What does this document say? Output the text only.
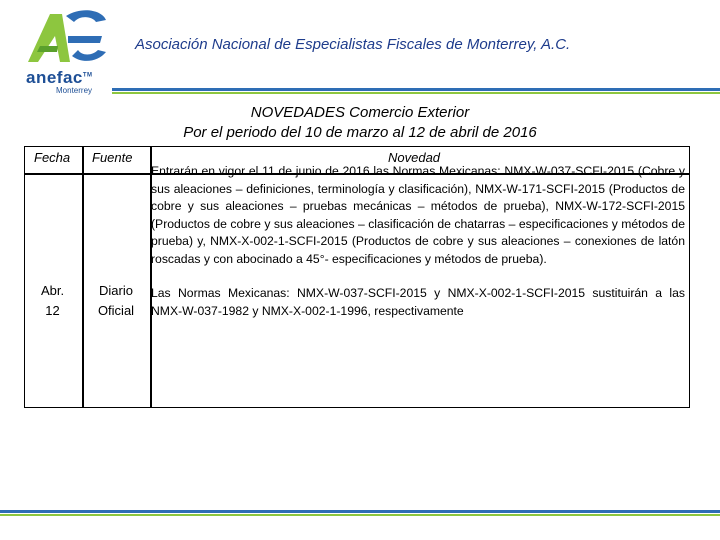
anefac™
Monterrey
Asociación Nacional de Especialistas Fiscales de Monterrey, A.C.
NOVEDADES Comercio Exterior
Por el periodo del 10 de marzo al 12 de abril de 2016
Fecha Fuente	Novedad
Abr.
12
Diario
Oficial

Entrarán en vigor el 11 de junio de 2016 las Normas Mexicanas: NMX-W-037-SCFI-2015 (Cobre y sus aleaciones – definiciones, terminología y clasificación), NMX-W-171-SCFI-2015 (Productos de cobre y sus aleaciones – pruebas mecánicas – métodos de prueba), NMX-W-172-SCFI-2015 (Productos de cobre y sus aleaciones – clasificación de chatarras – especificaciones y métodos de prueba) y, NMX-X-002-1-SCFI-2015 (Productos de cobre y sus aleaciones – conexiones de latón roscadas y con abocinado a 45°- especificaciones y métodos de prueba).

Las Normas Mexicanas: NMX-W-037-SCFI-2015 y NMX-X-002-1-SCFI-2015 sustituirán a las NMX-W-037-1982 y NMX-X-002-1-1996, respectivamente
